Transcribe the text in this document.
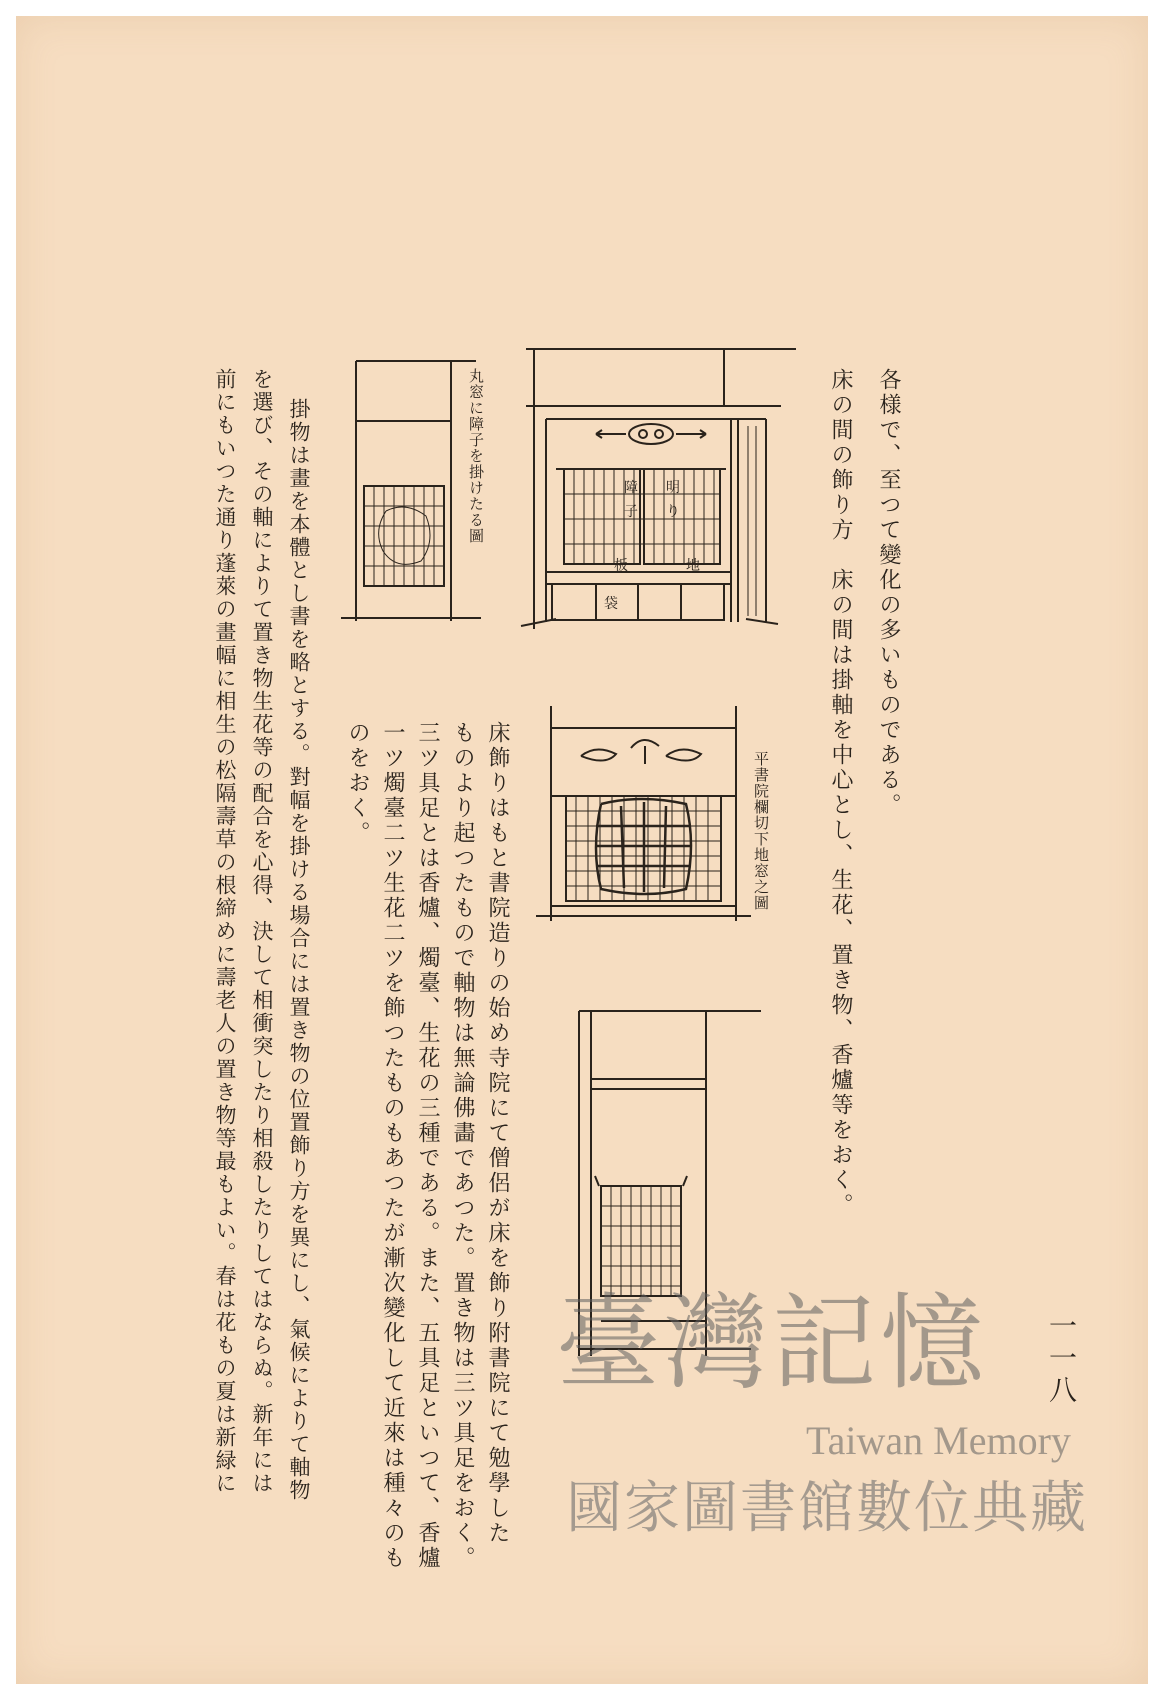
各様で、至つて變化の多いものである。
床の間の飾り方　床の間は掛軸を中心とし、生花、置き物、香爐等をおく。
障
子
明
り
地
板
袋
丸窓に障子を掛けたる圖
平書院欄切下地窓之圖
床飾りはもと書院造りの始め寺院にて僧侶が床を飾り附書院にて勉學した
ものより起つたもので軸物は無論佛畵であつた。置き物は三ツ具足をおく。
三ツ具足とは香爐、燭臺、生花の三種である。また、五具足といつて、香爐
一ツ燭臺二ツ生花二ツを飾つたものもあつたが漸次變化して近來は種々のも
のをおく。
掛物は畫を本體とし書を略とする。對幅を掛ける場合には置き物の位置飾り方を異にし、氣候によりて軸物
を選び、その軸によりて置き物生花等の配合を心得、決して相衝突したり相殺したりしてはならぬ。新年には
前にもいつた通り蓬萊の畫幅に相生の松隔壽草の根締めに壽老人の置き物等最もよい。春は花もの夏は新緑に	一一八
臺灣記憶
Taiwan Memory
國家圖書館數位典藏
